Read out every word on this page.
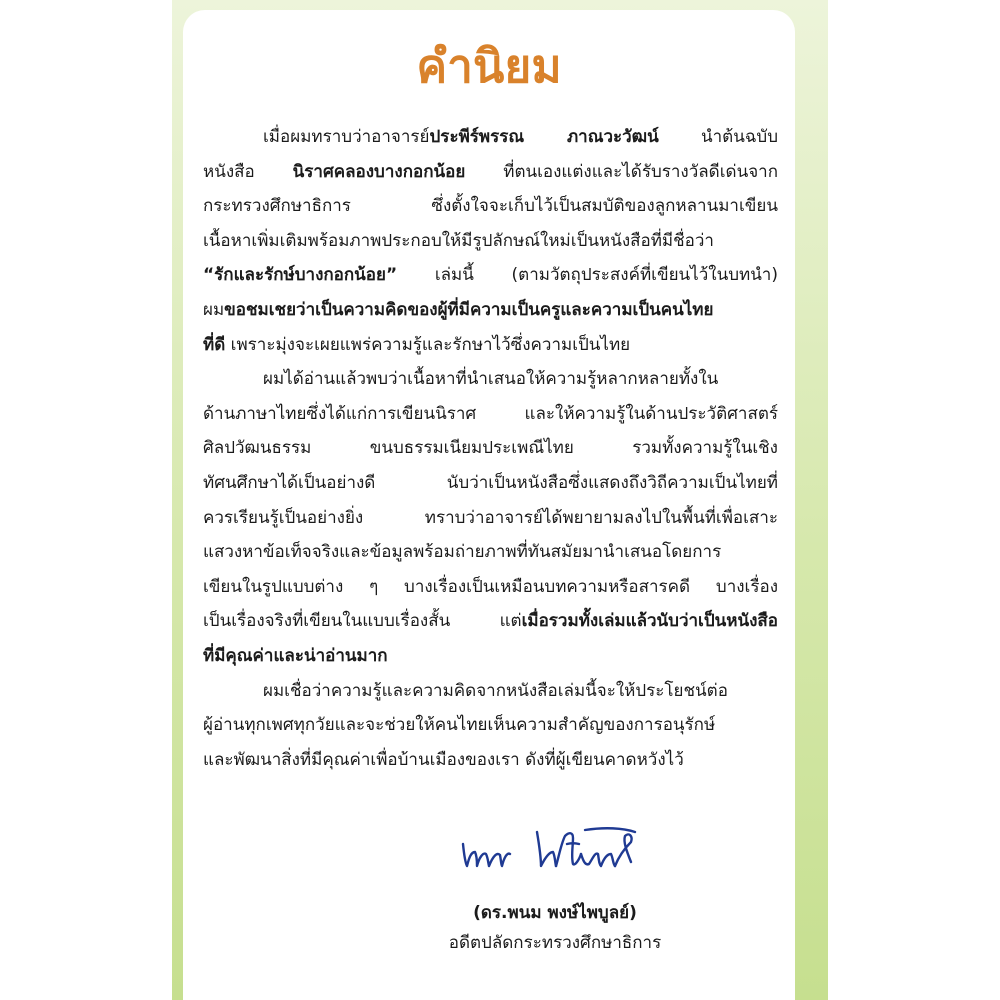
คำนิยม
เมื่อผมทราบว่าอาจารย์ประพีร์พรรณ ภาณวะวัฒน์ นำต้นฉบับ
หนังสือ นิราศคลองบางกอกน้อย ที่ตนเองแต่งและได้รับรางวัลดีเด่นจาก
กระทรวงศึกษาธิการ ซึ่งตั้งใจจะเก็บไว้เป็นสมบัติของลูกหลานมาเขียน
เนื้อหาเพิ่มเติมพร้อมภาพประกอบให้มีรูปลักษณ์ใหม่เป็นหนังสือที่มีชื่อว่า
“รักและรักษ์บางกอกน้อย” เล่มนี้ (ตามวัตถุประสงค์ที่เขียนไว้ในบทนำ)
ผมขอชมเชยว่าเป็นความคิดของผู้ที่มีความเป็นครูและความเป็นคนไทย
ที่ดี เพราะมุ่งจะเผยแพร่ความรู้และรักษาไว้ซึ่งความเป็นไทย
ผมได้อ่านแล้วพบว่าเนื้อหาที่นำเสนอให้ความรู้หลากหลายทั้งใน
ด้านภาษาไทยซึ่งได้แก่การเขียนนิราศ และให้ความรู้ในด้านประวัติศาสตร์
ศิลปวัฒนธรรม ขนบธรรมเนียมประเพณีไทย รวมทั้งความรู้ในเชิง
ทัศนศึกษาได้เป็นอย่างดี นับว่าเป็นหนังสือซึ่งแสดงถึงวิถีความเป็นไทยที่
ควรเรียนรู้เป็นอย่างยิ่ง ทราบว่าอาจารย์ได้พยายามลงไปในพื้นที่เพื่อเสาะ
แสวงหาข้อเท็จจริงและข้อมูลพร้อมถ่ายภาพที่ทันสมัยมานำเสนอโดยการ
เขียนในรูปแบบต่าง ๆ บางเรื่องเป็นเหมือนบทความหรือสารคดี บางเรื่อง
เป็นเรื่องจริงที่เขียนในแบบเรื่องสั้น แต่เมื่อรวมทั้งเล่มแล้วนับว่าเป็นหนังสือ
ที่มีคุณค่าและน่าอ่านมาก
ผมเชื่อว่าความรู้และความคิดจากหนังสือเล่มนี้จะให้ประโยชน์ต่อ
ผู้อ่านทุกเพศทุกวัยและจะช่วยให้คนไทยเห็นความสำคัญของการอนุรักษ์
และพัฒนาสิ่งที่มีคุณค่าเพื่อบ้านเมืองของเรา ดังที่ผู้เขียนคาดหวังไว้
(ดร.พนม พงษ์ไพบูลย์)
อดีตปลัดกระทรวงศึกษาธิการ
